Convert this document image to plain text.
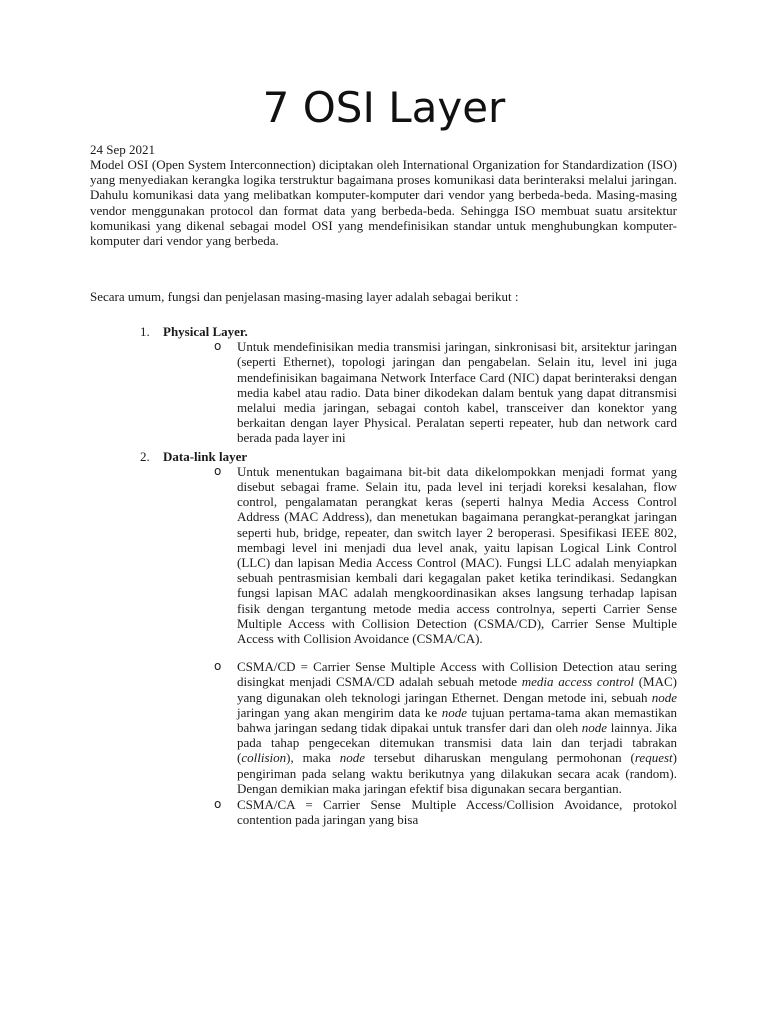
7 OSI Layer
24 Sep 2021

Model OSI (Open System Interconnection) diciptakan oleh International Organization for Standardization (ISO) yang menyediakan kerangka logika terstruktur bagaimana proses komunikasi data berinteraksi melalui jaringan. Dahulu komunikasi data yang melibatkan komputer-komputer dari vendor yang berbeda-beda. Masing-masing vendor menggunakan protocol dan format data yang berbeda-beda. Sehingga ISO membuat suatu arsitektur komunikasi yang dikenal sebagai model OSI yang mendefinisikan standar untuk menghubungkan komputer-komputer dari vendor yang berbeda.

Secara umum, fungsi dan penjelasan masing-masing layer adalah sebagai berikut :

1. Physical Layer.
o Untuk mendefinisikan media transmisi jaringan, sinkronisasi bit, arsitektur jaringan (seperti Ethernet), topologi jaringan dan pengabelan. Selain itu, level ini juga mendefinisikan bagaimana Network Interface Card (NIC) dapat berinteraksi dengan media kabel atau radio. Data biner dikodekan dalam bentuk yang dapat ditransmisi melalui media jaringan, sebagai contoh kabel, transceiver dan konektor yang berkaitan dengan layer Physical. Peralatan seperti repeater, hub dan network card berada pada layer ini
2. Data-link layer
o Untuk menentukan bagaimana bit-bit data dikelompokkan menjadi format yang disebut sebagai frame. Selain itu, pada level ini terjadi koreksi kesalahan, flow control, pengalamatan perangkat keras (seperti halnya Media Access Control Address (MAC Address), dan menetukan bagaimana perangkat-perangkat jaringan seperti hub, bridge, repeater, dan switch layer 2 beroperasi. Spesifikasi IEEE 802, membagi level ini menjadi dua level anak, yaitu lapisan Logical Link Control (LLC) dan lapisan Media Access Control (MAC). Fungsi LLC adalah menyiapkan sebuah pentrasmisian kembali dari kegagalan paket ketika terindikasi. Sedangkan fungsi lapisan MAC adalah mengkoordinasikan akses langsung terhadap lapisan fisik dengan tergantung metode media access controlnya, seperti Carrier Sense Multiple Access with Collision Detection (CSMA/CD), Carrier Sense Multiple Access with Collision Avoidance (CSMA/CA).
o CSMA/CD = Carrier Sense Multiple Access with Collision Detection atau sering disingkat menjadi CSMA/CD adalah sebuah metode media access control (MAC) yang digunakan oleh teknologi jaringan Ethernet. Dengan metode ini, sebuah node jaringan yang akan mengirim data ke node tujuan pertama-tama akan memastikan bahwa jaringan sedang tidak dipakai untuk transfer dari dan oleh node lainnya. Jika pada tahap pengecekan ditemukan transmisi data lain dan terjadi tabrakan (collision), maka node tersebut diharuskan mengulang permohonan (request) pengiriman pada selang waktu berikutnya yang dilakukan secara acak (random). Dengan demikian maka jaringan efektif bisa digunakan secara bergantian.
o CSMA/CA = Carrier Sense Multiple Access/Collision Avoidance, protokol contention pada jaringan yang bisa
